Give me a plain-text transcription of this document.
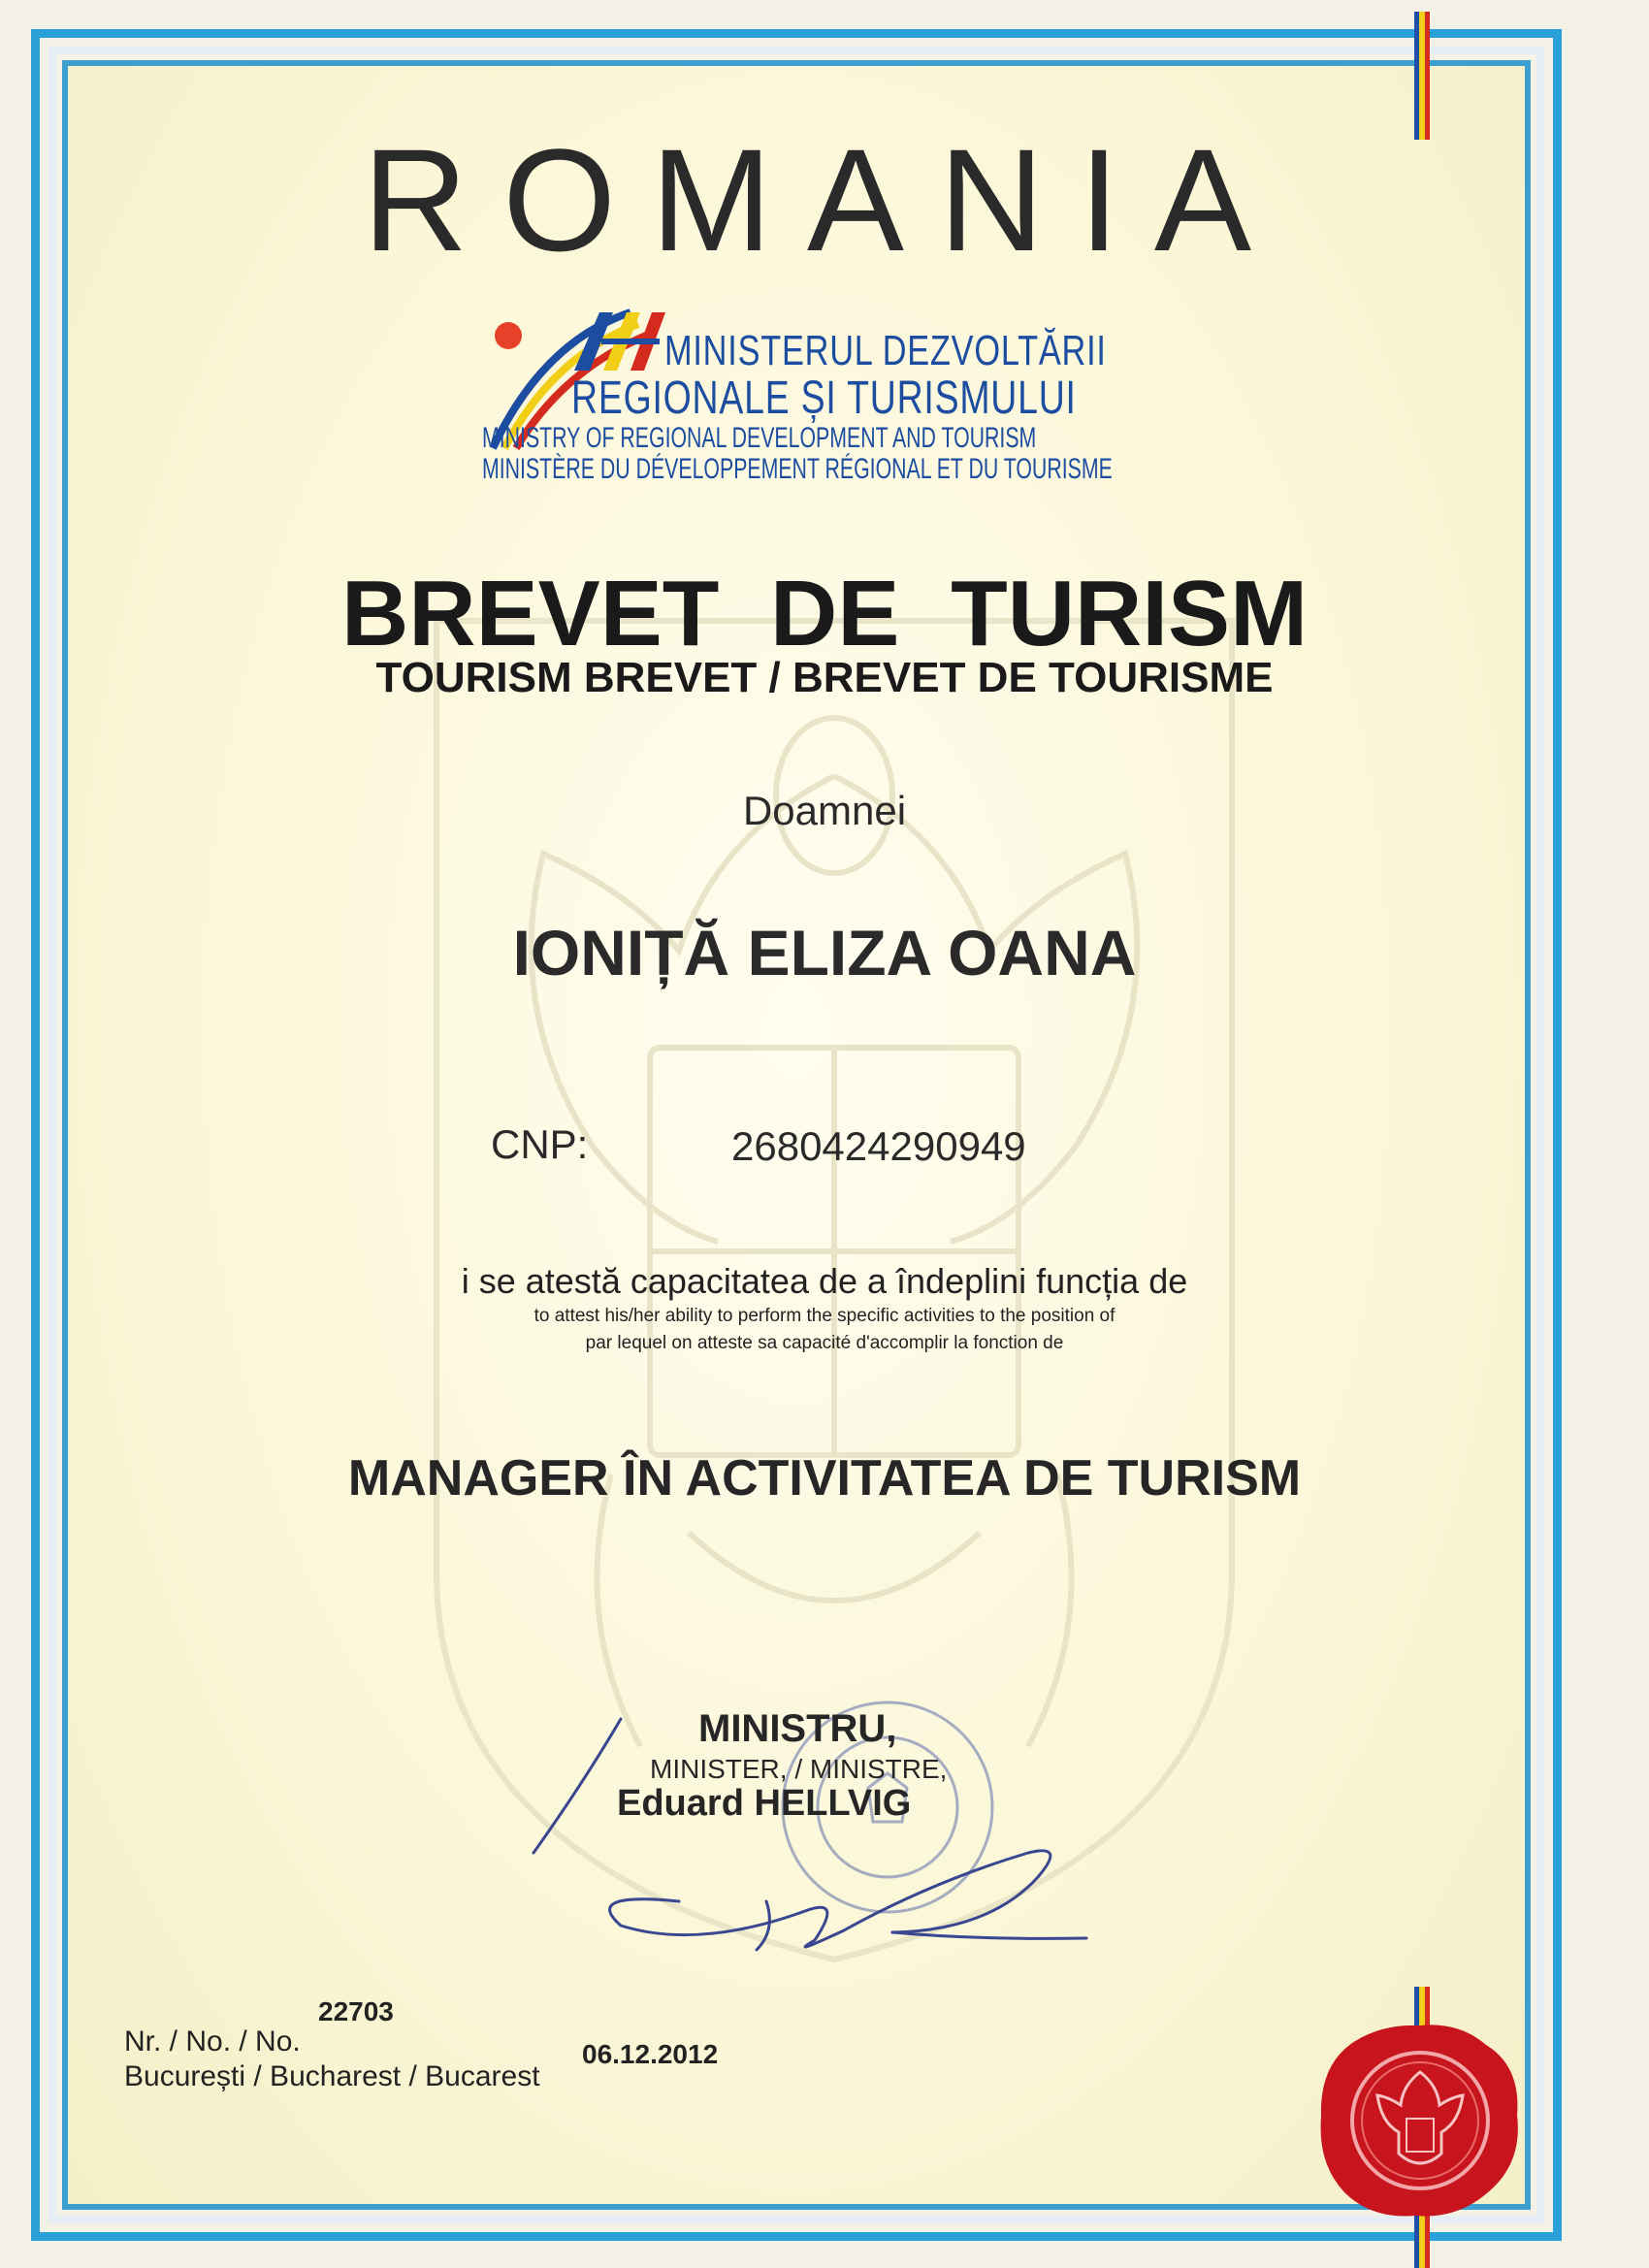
ROMANIA
MINISTERUL DEZVOLTĂRII
REGIONALE ȘI TURISMULUI
MINISTRY OF REGIONAL DEVELOPMENT AND TOURISM
MINISTÈRE DU DÉVELOPPEMENT RÉGIONAL ET DU TOURISME
BREVET DE TURISM
TOURISM BREVET / BREVET DE TOURISME
Doamnei
IONIȚĂ ELIZA OANA
CNP:	2680424290949
i se atestă capacitatea de a îndeplini funcția de
to attest his/her ability to perform the specific activities to the position of
par lequel on atteste sa capacité d'accomplir la fonction de
MANAGER ÎN ACTIVITATEA DE TURISM
MINISTRU,
MINISTER, / MINISTRE,
Eduard HELLVIG
22703
Nr. / No. / No.
București / Bucharest / Bucarest
06.12.2012
